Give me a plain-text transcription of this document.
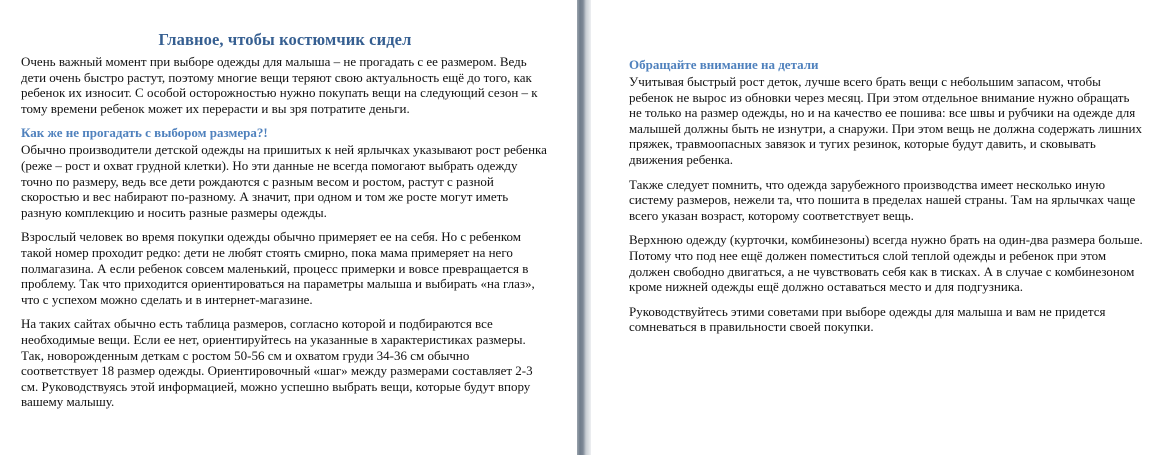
Главное, чтобы костюмчик сидел

Очень важный момент при выборе одежды для малыша – не прогадать с ее размером. Ведь дети очень быстро растут, поэтому многие вещи теряют свою актуальность ещё до того, как ребенок их износит. С особой осторожностью нужно покупать вещи на следующий сезон – к тому времени ребенок может их перерасти и вы зря потратите деньги.

Как же не прогадать с выбором размера?!

Обычно производители детской одежды на пришитых к ней ярлычках указывают рост ребенка (реже – рост и охват грудной клетки). Но эти данные не всегда помогают выбрать одежду точно по размеру, ведь все дети рождаются с разным весом и ростом, растут с разной скоростью и вес набирают по-разному. А значит, при одном и том же росте могут иметь разную комплекцию и носить разные размеры одежды.

Взрослый человек во время покупки одежды обычно примеряет ее на себя. Но с ребенком такой номер проходит редко: дети не любят стоять смирно, пока мама примеряет на него полмагазина. А если ребенок совсем маленький, процесс примерки и вовсе превращается в проблему. Так что приходится ориентироваться на параметры малыша и выбирать «на глаз», что с успехом можно сделать и в интернет-магазине.

На таких сайтах обычно есть таблица размеров, согласно которой и подбираются все необходимые вещи. Если ее нет, ориентируйтесь на указанные в характеристиках размеры. Так, новорожденным деткам с ростом 50-56 см и охватом груди 34-36 см обычно соответствует 18 размер одежды. Ориентировочный «шаг» между размерами составляет 2-3 см. Руководствуясь этой информацией, можно успешно выбрать вещи, которые будут впору вашему малышу.

Обращайте внимание на детали

Учитывая быстрый рост деток, лучше всего брать вещи с небольшим запасом, чтобы ребенок не вырос из обновки через месяц. При этом отдельное внимание нужно обращать не только на размер одежды, но и на качество ее пошива: все швы и рубчики на одежде для малышей должны быть не изнутри, а снаружи. При этом вещь не должна содержать лишних пряжек, травмоопасных завязок и тугих резинок, которые будут давить, и сковывать движения ребенка.

Также следует помнить, что одежда зарубежного производства имеет несколько иную систему размеров, нежели та, что пошита в пределах нашей страны. Там на ярлычках чаще всего указан возраст, которому соответствует вещь.

Верхнюю одежду (курточки, комбинезоны) всегда нужно брать на один-два размера больше. Потому что под нее ещё должен поместиться слой теплой одежды и ребенок при этом должен свободно двигаться, а не чувствовать себя как в тисках. А в случае с комбинезоном кроме нижней одежды ещё должно оставаться место и для подгузника.

Руководствуйтесь этими советами при выборе одежды для малыша и вам не придется сомневаться в правильности своей покупки.
